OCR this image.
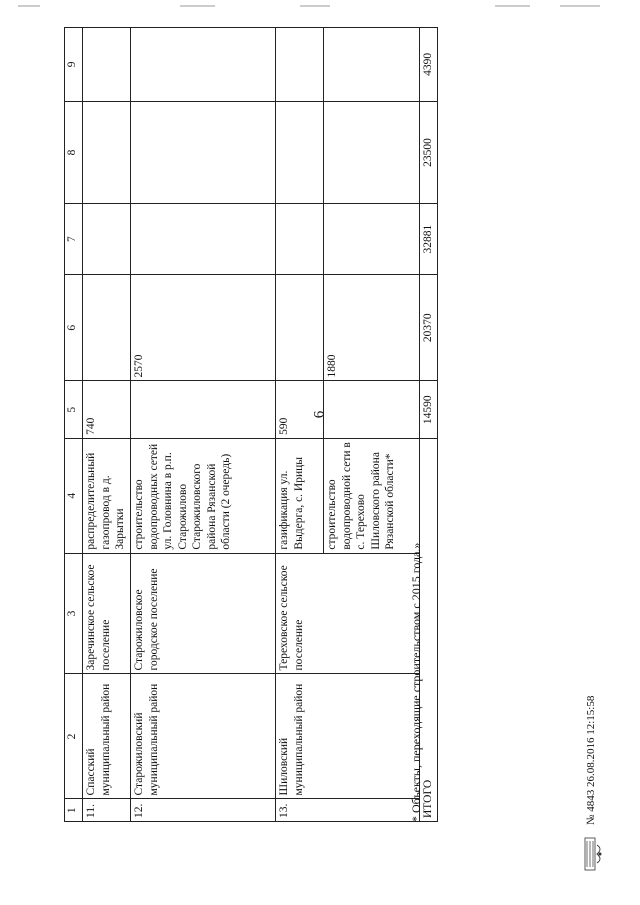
6
1	2	3	4	5	6	7	8	9
11.	Спасский муниципальный район	Заречинское сельское поселение	распределительный газопровод в д. Зарытки	740				
12.	Старожиловский муниципальный район	Старожиловское городское поселение	строительство водопроводных сетей ул. Головнина в р.п. Старожилово Старожиловского района Рязанской области (2 очередь)		2570			
13.	Шиловский муниципальный район	Тереховское сельское поселение	газификация ул. Выдерга, с. Ирицы	590				
			строительство водопроводной сети в с. Терехово Шиловского района Рязанской области*		1880			
ИТОГО				14590	20370	32881	23500	4390
* Объекты, переходящие строительством с 2015 года.»	№ 4843 26.08.2016 12:15:58
